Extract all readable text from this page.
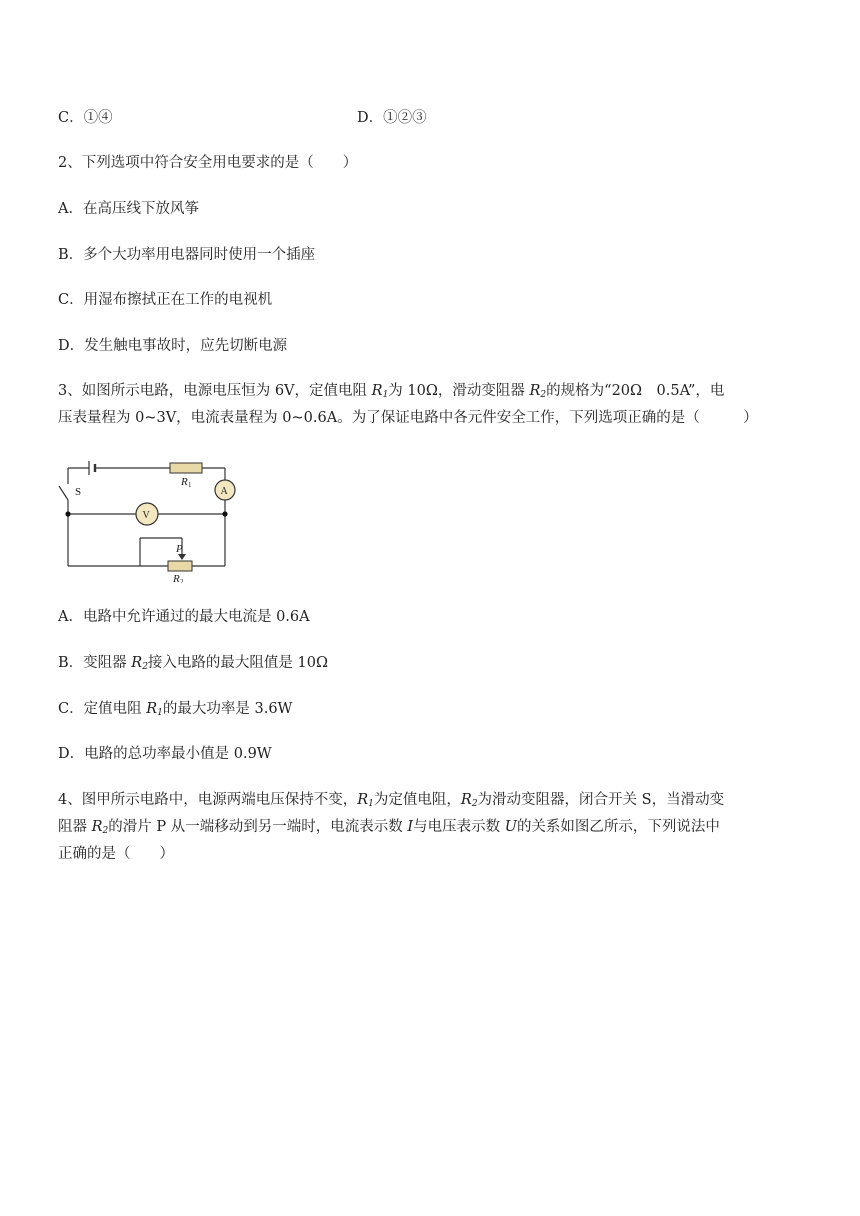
C．①④	D．①②③
2、下列选项中符合安全用电要求的是（　　）
A．在高压线下放风筝
B．多个大功率用电器同时使用一个插座
C．用湿布擦拭正在工作的电视机
D．发生触电事故时，应先切断电源
3、如图所示电路，电源电压恒为 6V，定值电阻 $R_1$为 10Ω，滑动变阻器 $R_2$的规格为“20Ω　0.5A”，电
压表量程为 0~3V，电流表量程为 0~0.6A。为了保证电路中各元件安全工作，下列选项正确的是（　　　）
R 1
R 2
S	A
V
P
A．电路中允许通过的最大电流是 0.6A
B．变阻器 $R_2$接入电路的最大阻值是 10Ω
C．定值电阻 $R_1$的最大功率是 3.6W
D．电路的总功率最小值是 0.9W
4、图甲所示电路中，电源两端电压保持不变，$R_1$为定值电阻，$R_2$为滑动变阻器，闭合开关 S，当滑动变
阻器 $R_2$的滑片 P 从一端移动到另一端时，电流表示数 I与电压表示数 U的关系如图乙所示，下列说法中
正确的是（　　）
